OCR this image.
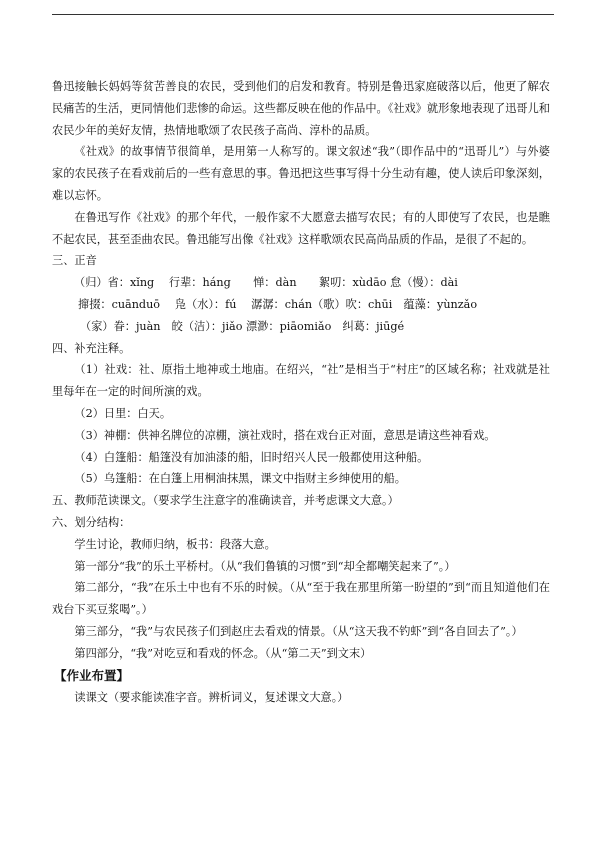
鲁迅接触长妈妈等贫苦善良的农民，受到他们的启发和教育。特别是鲁迅家庭破落以后，他更了解农民痛苦的生活，更同情他们悲惨的命运。这些都反映在他的作品中。《社戏》就形象地表现了迅哥儿和农民少年的美好友情，热情地歌颂了农民孩子高尚、淳朴的品质。

《社戏》的故事情节很简单，是用第一人称写的。课文叙述“我”（即作品中的“迅哥儿”）与外婆家的农民孩子在看戏前后的一些有意思的事。鲁迅把这些事写得十分生动有趣，使人读后印象深刻，难以忘怀。

在鲁迅写作《社戏》的那个年代，一般作家不大愿意去描写农民；有的人即使写了农民，也是瞧不起农民，甚至歪曲农民。鲁迅能写出像《社戏》这样歌颂农民高尚品质的作品，是很了不起的。

三、正音

（归）省：xǐng　 行辈：háng　　惮：dàn　　絮叨：xùdāo 怠（慢）：dài

撺掇：cuānduō　 凫（水）：fú　 潺潺：chán（歌）吹：chūi　蕴藻：yùnzǎo

（家）眷：juàn　皎（洁）：jiǎo 漂渺：piāomiǎo　纠葛：jiūgé

四、补充注释。

（1）社戏：社、原指土地神或土地庙。在绍兴，“社”是相当于“村庄”的区域名称；社戏就是社里每年在一定的时间所演的戏。

（2）日里：白天。

（3）神棚：供神名牌位的凉棚，演社戏时，搭在戏台正对面，意思是请这些神看戏。

（4）白篷船：船篷没有加油漆的船，旧时绍兴人民一般都使用这种船。

（5）乌篷船：在白篷上用桐油抹黑，课文中指财主乡绅使用的船。

五、教师范读课文。（要求学生注意字的准确读音，并考虑课文大意。）

六、划分结构：

学生讨论，教师归纳，板书：段落大意。

第一部分“我”的乐土平桥村。（从“我们鲁镇的习惯”到“却全都嘲笑起来了”。）

第二部分，“我”在乐土中也有不乐的时候。（从“至于我在那里所第一盼望的”到“而且知道他们在戏台下买豆浆喝”。）

第三部分，“我”与农民孩子们到赵庄去看戏的情景。（从“这天我不钓虾”到“各自回去了”。）

第四部分，“我”对吃豆和看戏的怀念。（从“第二天”到文末）

【作业布置】

读课文（要求能读准字音。辨析词义，复述课文大意。）
